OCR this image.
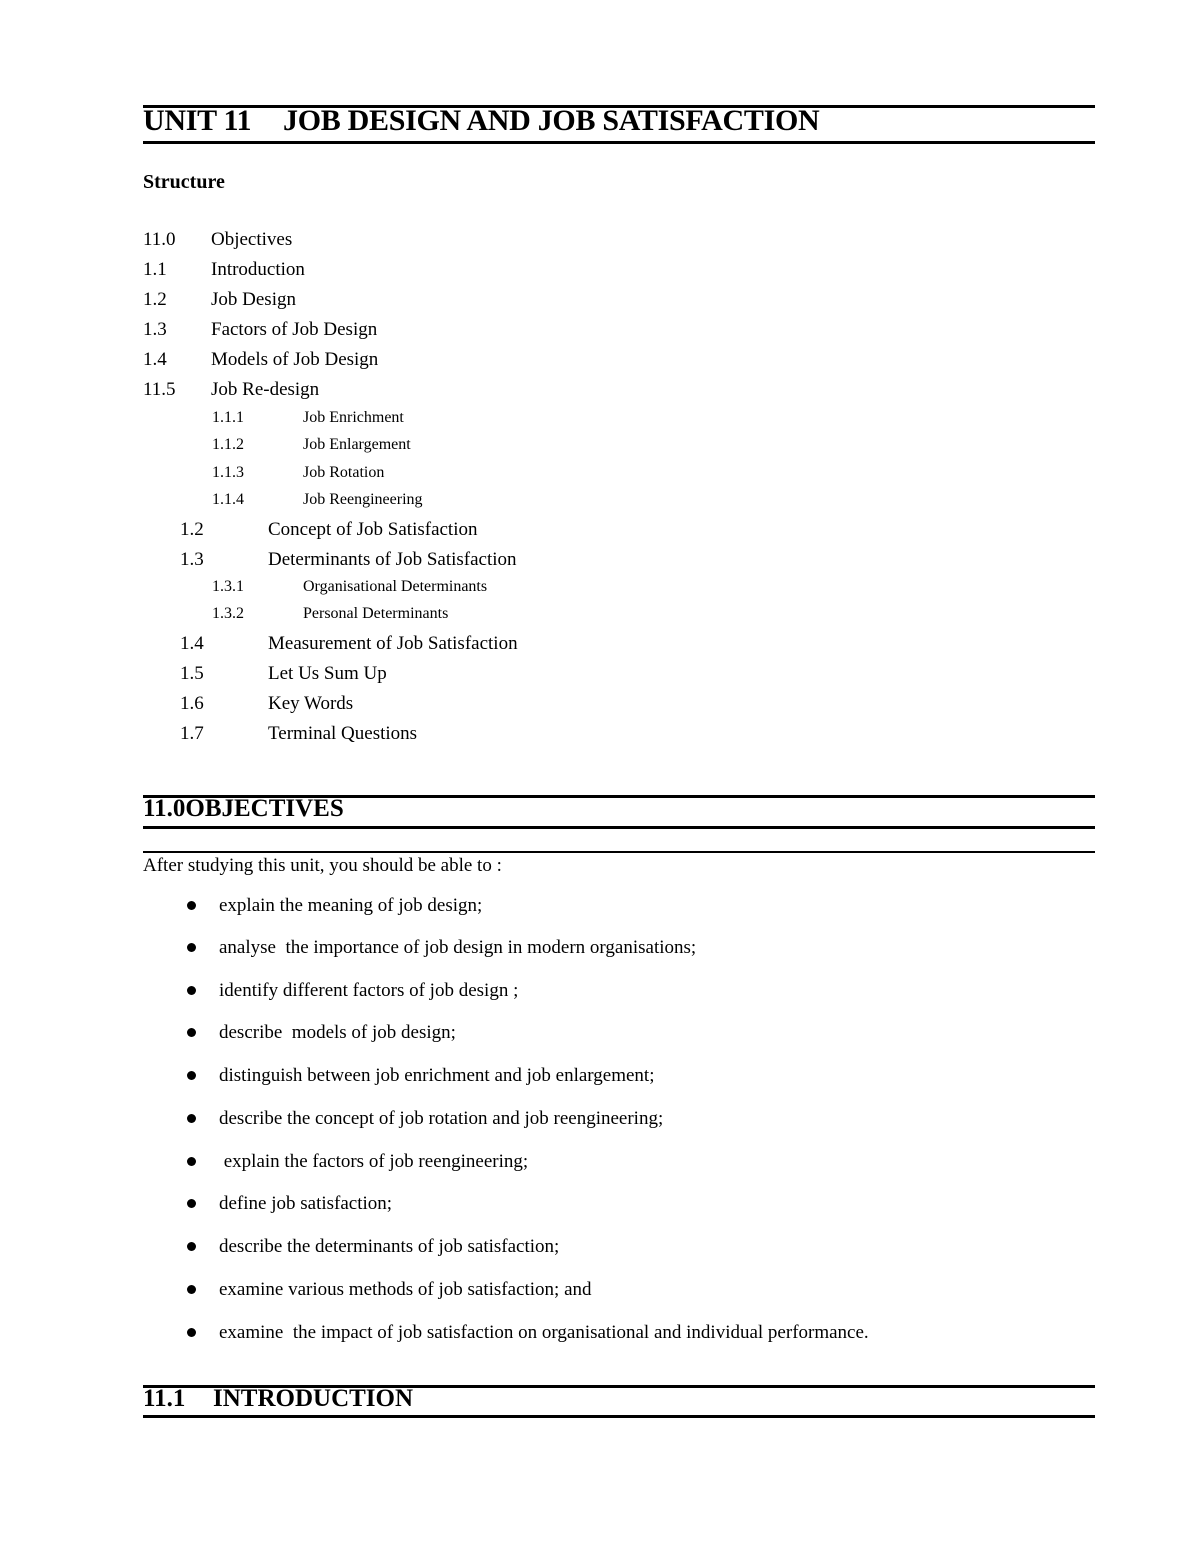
UNIT 11 JOB DESIGN AND JOB SATISFACTION
Structure
11.0 Objectives
1.1 Introduction
1.2 Job Design
1.3 Factors of Job Design
1.4 Models of Job Design
11.5 Job Re-design
1.1.1	Job Enrichment
1.1.2	Job Enlargement
1.1.3	Job Rotation
1.1.4	Job Reengineering
1.2	Concept of Job Satisfaction
1.3	Determinants of Job Satisfaction
1.3.1	Organisational Determinants
1.3.2	Personal Determinants
1.4	Measurement of Job Satisfaction
1.5	Let Us Sum Up
1.6	Key Words
1.7	Terminal Questions
11.0OBJECTIVES
After studying this unit, you should be able to :
explain the meaning of job design;
analyse  the importance of job design in modern organisations;
identify different factors of job design ;
describe  models of job design;
distinguish between job enrichment and job enlargement;
describe the concept of job rotation and job reengineering;
explain the factors of job reengineering;
define job satisfaction;
describe the determinants of job satisfaction;
examine various methods of job satisfaction; and
examine  the impact of job satisfaction on organisational and individual performance.
11.1 INTRODUCTION
